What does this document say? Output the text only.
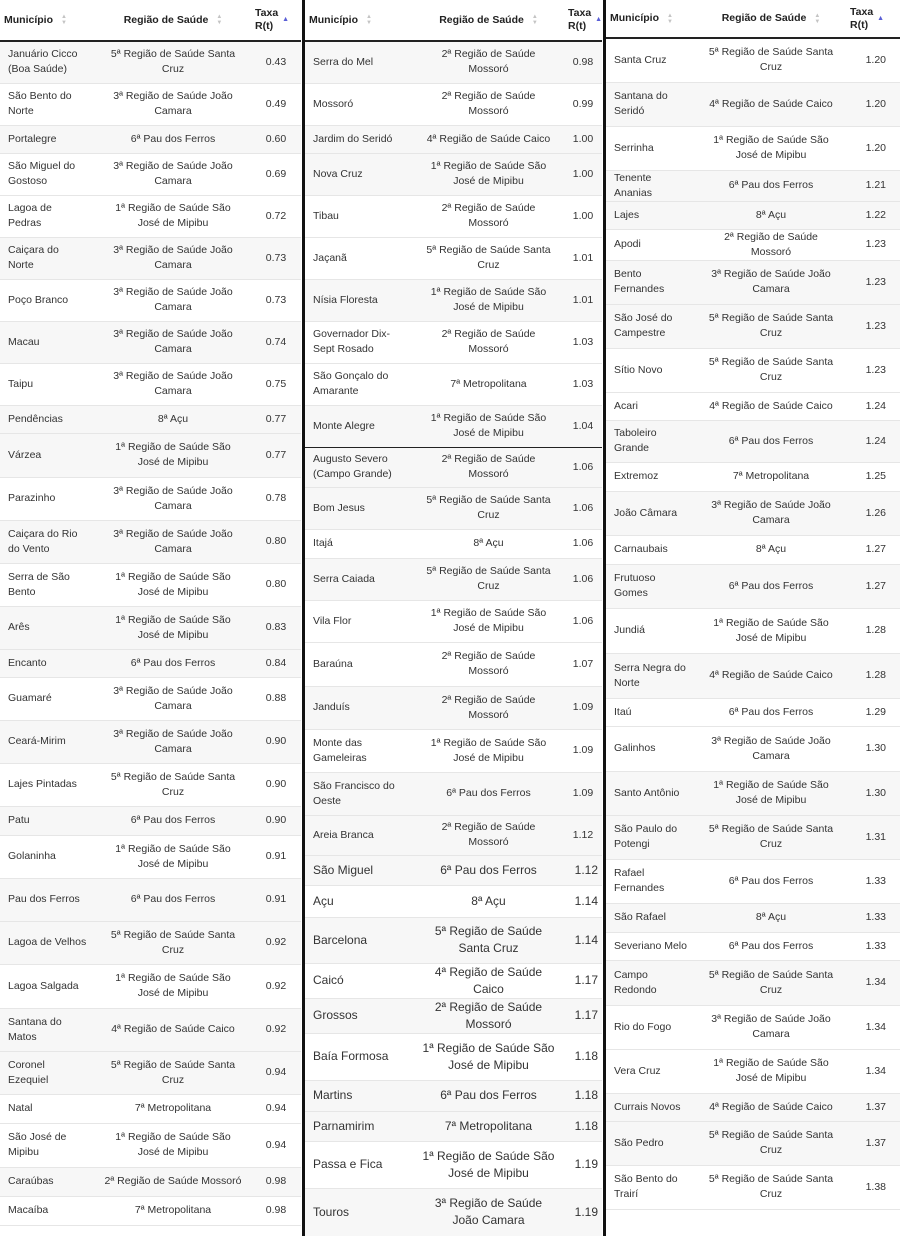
Município ▲
▼	Região de Saúde ▲
▼	Taxa
R(t)
▲

Januário Cicco (Boa Saúde)	5ª Região de Saúde Santa Cruz	0.43
São Bento do Norte	3ª Região de Saúde João Camara	0.49
Portalegre	6ª Pau dos Ferros	0.60
São Miguel do Gostoso	3ª Região de Saúde João Camara	0.69
Lagoa de Pedras	1ª Região de Saúde São José de Mipibu	0.72
Caiçara do Norte	3ª Região de Saúde João Camara	0.73
Poço Branco	3ª Região de Saúde João Camara	0.73
Macau	3ª Região de Saúde João Camara	0.74
Taipu	3ª Região de Saúde João Camara	0.75
Pendências	8ª Açu	0.77
Várzea	1ª Região de Saúde São José de Mipibu	0.77
Parazinho	3ª Região de Saúde João Camara	0.78
Caiçara do Rio do Vento	3ª Região de Saúde João Camara	0.80
Serra de São Bento	1ª Região de Saúde São José de Mipibu	0.80
Arês	1ª Região de Saúde São José de Mipibu	0.83
Encanto	6ª Pau dos Ferros	0.84
Guamaré	3ª Região de Saúde João Camara	0.88
Ceará-Mirim	3ª Região de Saúde João Camara	0.90
Lajes Pintadas	5ª Região de Saúde Santa Cruz	0.90
Patu	6ª Pau dos Ferros	0.90
Golaninha	1ª Região de Saúde São José de Mipibu	0.91
Pau dos Ferros	6ª Pau dos Ferros	0.91
Lagoa de Velhos	5ª Região de Saúde Santa Cruz	0.92
Lagoa Salgada	1ª Região de Saúde São José de Mipibu	0.92
Santana do Matos	4ª Região de Saúde Caico	0.92
Coronel Ezequiel	5ª Região de Saúde Santa Cruz	0.94
Natal	7ª Metropolitana	0.94
São José de Mipibu	1ª Região de Saúde São José de Mipibu	0.94
Caraúbas	2ª Região de Saúde Mossoró	0.98
Macaíba	7ª Metropolitana	0.98
Município ▲
▼	Região de Saúde ▲
▼	Taxa
R(t)
▲

Serra do Mel	2ª Região de Saúde Mossoró	0.98
Mossoró	2ª Região de Saúde Mossoró	0.99
Jardim do Seridó	4ª Região de Saúde Caico	1.00
Nova Cruz	1ª Região de Saúde São José de Mipibu	1.00
Tibau	2ª Região de Saúde Mossoró	1.00
Jaçanã	5ª Região de Saúde Santa Cruz	1.01
Nísia Floresta	1ª Região de Saúde São José de Mipibu	1.01
Governador Dix-Sept Rosado	2ª Região de Saúde Mossoró	1.03
São Gonçalo do Amarante	7ª Metropolitana	1.03
Monte Alegre	1ª Região de Saúde São José de Mipibu	1.04
Augusto Severo (Campo Grande)	2ª Região de Saúde Mossoró	1.06
Bom Jesus	5ª Região de Saúde Santa Cruz	1.06
Itajá	8ª Açu	1.06
Serra Caiada	5ª Região de Saúde Santa Cruz	1.06
Vila Flor	1ª Região de Saúde São José de Mipibu	1.06
Baraúna	2ª Região de Saúde Mossoró	1.07
Janduís	2ª Região de Saúde Mossoró	1.09
Monte das Gameleiras	1ª Região de Saúde São José de Mipibu	1.09
São Francisco do Oeste	6ª Pau dos Ferros	1.09
Areia Branca	2ª Região de Saúde Mossoró	1.12
São Miguel	6ª Pau dos Ferros	1.12
Açu	8ª Açu	1.14
Barcelona	5ª Região de Saúde Santa Cruz	1.14
Caicó	4ª Região de Saúde Caico	1.17
Grossos	2ª Região de Saúde Mossoró	1.17
Baía Formosa	1ª Região de Saúde São José de Mipibu	1.18
Martins	6ª Pau dos Ferros	1.18
Parnamirim	7ª Metropolitana	1.18
Passa e Fica	1ª Região de Saúde São José de Mipibu	1.19
Touros	3ª Região de Saúde João Camara	1.19
Município ▲
▼	Região de Saúde ▲
▼	Taxa
R(t)
▲

Santa Cruz	5ª Região de Saúde Santa Cruz	1.20
Santana do Seridó	4ª Região de Saúde Caico	1.20
Serrinha	1ª Região de Saúde São José de Mipibu	1.20
Tenente Ananias	6ª Pau dos Ferros	1.21
Lajes	8ª Açu	1.22
Apodi	2ª Região de Saúde Mossoró	1.23
Bento Fernandes	3ª Região de Saúde João Camara	1.23
São José do Campestre	5ª Região de Saúde Santa Cruz	1.23
Sítio Novo	5ª Região de Saúde Santa Cruz	1.23
Acari	4ª Região de Saúde Caico	1.24
Taboleiro Grande	6ª Pau dos Ferros	1.24
Extremoz	7ª Metropolitana	1.25
João Câmara	3ª Região de Saúde João Camara	1.26
Carnaubais	8ª Açu	1.27
Frutuoso Gomes	6ª Pau dos Ferros	1.27
Jundiá	1ª Região de Saúde São José de Mipibu	1.28
Serra Negra do Norte	4ª Região de Saúde Caico	1.28
Itaú	6ª Pau dos Ferros	1.29
Galinhos	3ª Região de Saúde João Camara	1.30
Santo Antônio	1ª Região de Saúde São José de Mipibu	1.30
São Paulo do Potengi	5ª Região de Saúde Santa Cruz	1.31
Rafael Fernandes	6ª Pau dos Ferros	1.33
São Rafael	8ª Açu	1.33
Severiano Melo	6ª Pau dos Ferros	1.33
Campo Redondo	5ª Região de Saúde Santa Cruz	1.34
Rio do Fogo	3ª Região de Saúde João Camara	1.34
Vera Cruz	1ª Região de Saúde São José de Mipibu	1.34
Currais Novos	4ª Região de Saúde Caico	1.37
São Pedro	5ª Região de Saúde Santa Cruz	1.37
São Bento do Trairí	5ª Região de Saúde Santa Cruz	1.38
